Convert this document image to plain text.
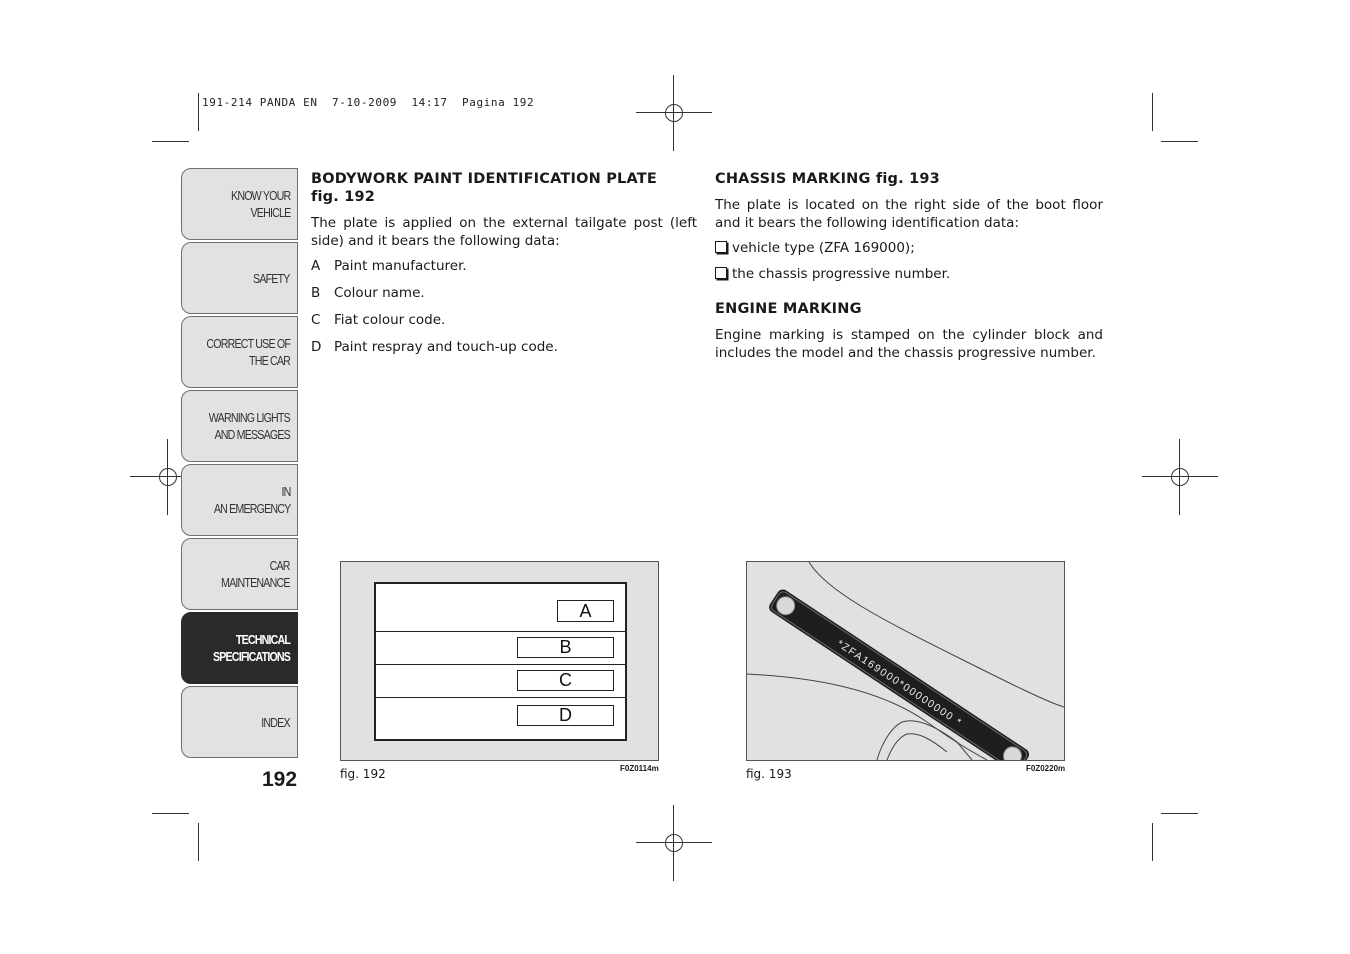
191-214 PANDA EN  7-10-2009  14:17  Pagina 192
KNOW YOUR
VEHICLE
SAFETY
CORRECT USE OF
THE CAR
WARNING LIGHTS
AND MESSAGES
IN
AN EMERGENCY
CAR
MAINTENANCE
TECHNICAL
SPECIFICATIONS
INDEX
192
BODYWORK PAINT IDENTIFICATION PLATE
fig. 192

The plate is applied on the external tailgate post (left side) and it bears the following data:

A	Paint manufacturer.
B	Colour name.
C	Fiat colour code.
D Paint respray and touch-up code.
CHASSIS MARKING fig. 193

The plate is located on the right side of the boot floor and it bears the following identification data:

vehicle type (ZFA 169000);
the chassis progressive number.
ENGINE MARKING

Engine marking is stamped on the cylinder block and includes the model and the chassis progressive number.

A
B
C
D
fig. 192	F0Z0114m
*ZFA169000*00000000 *
fig. 193	F0Z0220m
